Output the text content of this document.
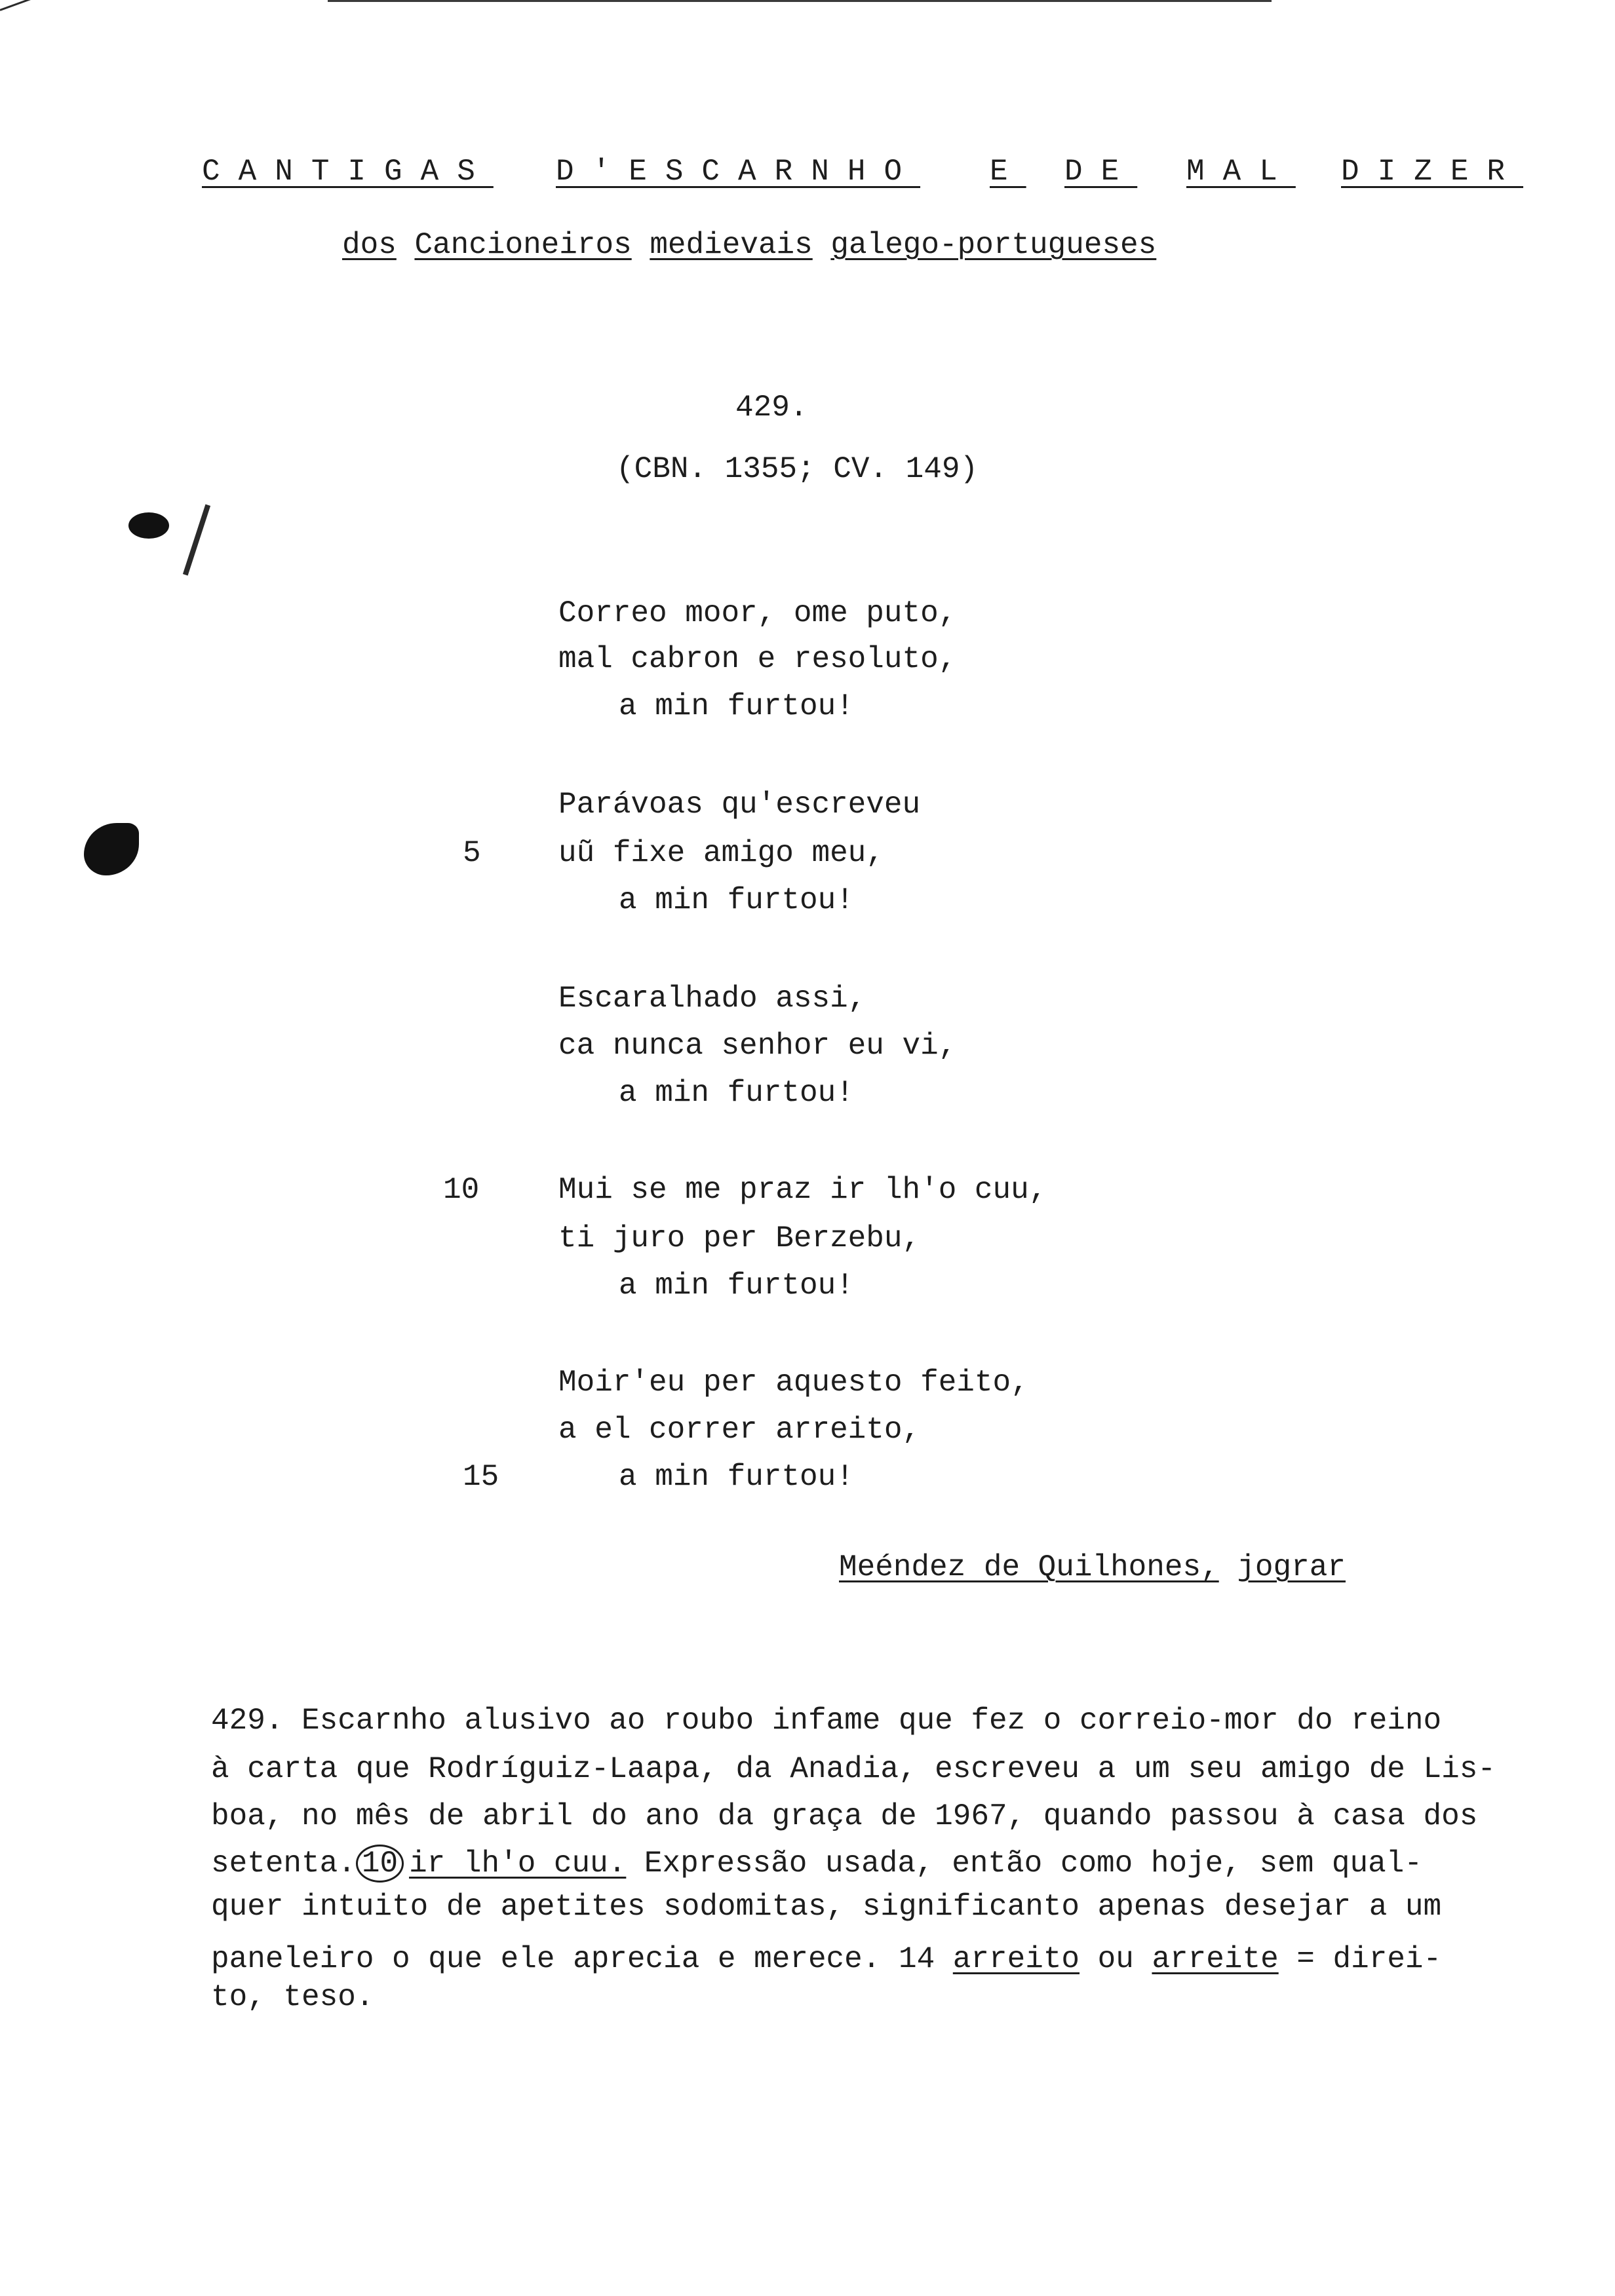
CANTIGAS D'ESCARNHO E DE MAL DIZER
dos Cancioneiros medievais galego-portugueses
429.
(CBN. 1355; CV. 149)
Correo moor, ome puto,
mal cabron e resoluto,
a min furtou!
Parávoas qu'escreveu
5	uũ fixe amigo meu,
a min furtou!
Escaralhado assi,
ca nunca senhor eu vi,
a min furtou!
10	Mui se me praz ir lh'o cuu,
ti juro per Berzebu,
a min furtou!
Moir'eu per aquesto feito,
a el correr arreito,
15	a min furtou!
Meéndez de Quilhones, jograr
429. Escarnho alusivo ao roubo infame que fez o correio-mor do reino
à carta que Rodríguiz-Laapa, da Anadia, escreveu a um seu amigo de Lis-
boa, no mês de abril do ano da graça de 1967, quando passou à casa dos
setenta. 10 ir lh'o cuu. Expressão usada, então como hoje, sem qual-
quer intuito de apetites sodomitas, significanto apenas desejar a um
paneleiro o que ele aprecia e merece. 14 arreito ou arreite = direi-
to, teso.
